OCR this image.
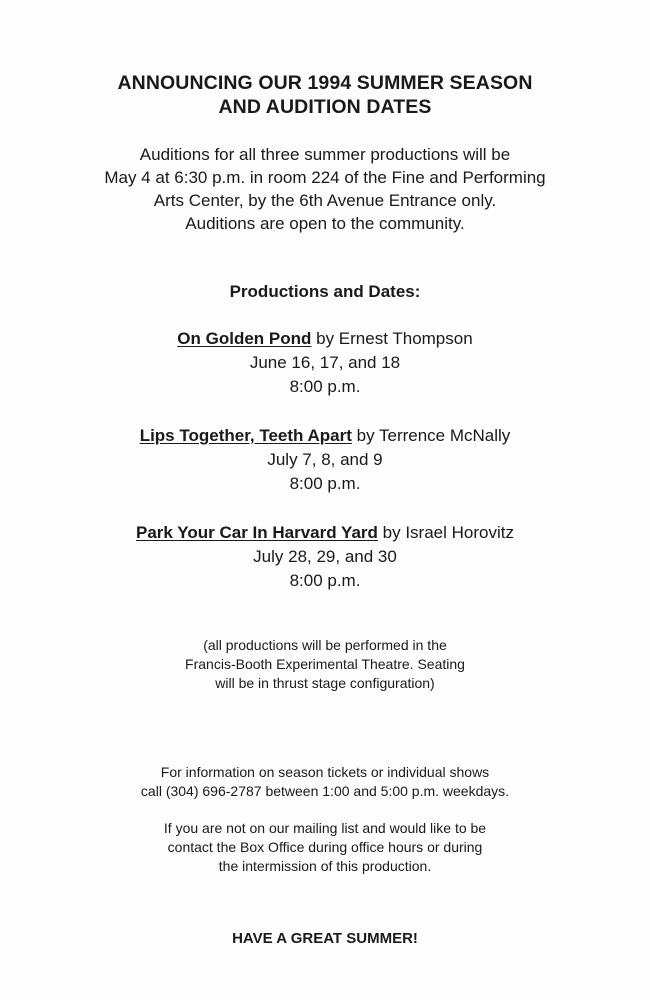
ANNOUNCING OUR 1994 SUMMER SEASON
AND AUDITION DATES
Auditions for all three summer productions will be
May 4 at 6:30 p.m. in room 224 of the Fine and Performing
Arts Center, by the 6th Avenue Entrance only.
Auditions are open to the community.
Productions and Dates:
On Golden Pond by Ernest Thompson
June 16, 17, and 18
8:00 p.m.
Lips Together, Teeth Apart by Terrence McNally
July 7, 8, and 9
8:00 p.m.
Park Your Car In Harvard Yard by Israel Horovitz
July 28, 29, and 30
8:00 p.m.
(all productions will be performed in the
Francis-Booth Experimental Theatre. Seating
will be in thrust stage configuration)
For information on season tickets or individual shows
call (304) 696-2787 between 1:00 and 5:00 p.m. weekdays.
If you are not on our mailing list and would like to be
contact the Box Office during office hours or during
the intermission of this production.
HAVE A GREAT SUMMER!
